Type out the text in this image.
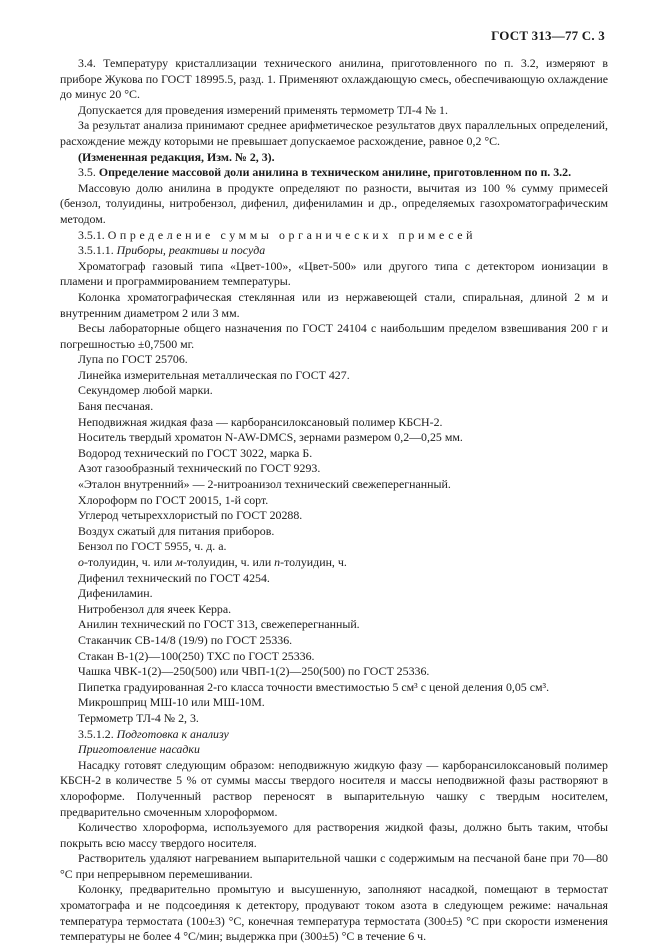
ГОСТ 313—77 С. 3

3.4. Температуру кристаллизации технического анилина, приготовленного по п. 3.2, измеряют в приборе Жукова по ГОСТ 18995.5, разд. 1. Применяют охлаждающую смесь, обеспечивающую охлаждение до минус 20 °С.

Допускается для проведения измерений применять термометр ТЛ-4 № 1.

За результат анализа принимают среднее арифметическое результатов двух параллельных определений, расхождение между которыми не превышает допускаемое расхождение, равное 0,2 °С.

(Измененная редакция, Изм. № 2, 3).

3.5. Определение массовой доли анилина в техническом анилине, приготовленном по п. 3.2.

Массовую долю анилина в продукте определяют по разности, вычитая из 100 % сумму примесей (бензол, толуидины, нитробензол, дифенил, дифениламин и др., определяемых газохроматографическим методом.

3.5.1. Определение суммы органических примесей

3.5.1.1. Приборы, реактивы и посуда

Хроматограф газовый типа «Цвет-100», «Цвет-500» или другого типа с детектором ионизации в пламени и программированием температуры.

Колонка хроматографическая стеклянная или из нержавеющей стали, спиральная, длиной 2 м и внутренним диаметром 2 или 3 мм.

Весы лабораторные общего назначения по ГОСТ 24104 с наибольшим пределом взвешивания 200 г и погрешностью ±0,7500 мг.

Лупа по ГОСТ 25706.

Линейка измерительная металлическая по ГОСТ 427.

Секундомер любой марки.

Баня песчаная.

Неподвижная жидкая фаза — карборансилоксановый полимер КБСН-2.

Носитель твердый хроматон N-AW-DMCS, зернами размером 0,2—0,25 мм.

Водород технический по ГОСТ 3022, марка Б.

Азот газообразный технический по ГОСТ 9293.

«Эталон внутренний» — 2-нитроанизол технический свежеперегнанный.

Хлороформ по ГОСТ 20015, 1-й сорт.

Углерод четыреххлористый по ГОСТ 20288.

Воздух сжатый для питания приборов.

Бензол по ГОСТ 5955, ч. д. а.

о-толуидин, ч. или м-толуидин, ч. или n-толуидин, ч.

Дифенил технический по ГОСТ 4254.

Дифениламин.

Нитробензол для ячеек Керра.

Анилин технический по ГОСТ 313, свежеперегнанный.

Стаканчик СВ-14/8 (19/9) по ГОСТ 25336.

Стакан В-1(2)—100(250) ТХС по ГОСТ 25336.

Чашка ЧВК-1(2)—250(500) или ЧВП-1(2)—250(500) по ГОСТ 25336.

Пипетка градуированная 2-го класса точности вместимостью 5 см³ с ценой деления 0,05 см³.

Микрошприц МШ-10 или МШ-10М.

Термометр ТЛ-4 № 2, 3.

3.5.1.2. Подготовка к анализу

Приготовление насадки

Насадку готовят следующим образом: неподвижную жидкую фазу — карборансилоксановый полимер КБСН-2 в количестве 5 % от суммы массы твердого носителя и массы неподвижной фазы растворяют в хлороформе. Полученный раствор переносят в выпарительную чашку с твердым носителем, предварительно смоченным хлороформом.

Количество хлороформа, используемого для растворения жидкой фазы, должно быть таким, чтобы покрыть всю массу твердого носителя.

Растворитель удаляют нагреванием выпарительной чашки с содержимым на песчаной бане при 70—80 °С при непрерывном перемешивании.

Колонку, предварительно промытую и высушенную, заполняют насадкой, помещают в термостат хроматографа и не подсоединяя к детектору, продувают током азота в следующем режиме: начальная температура термостата (100±3) °С, конечная температура термостата (300±5) °С при скорости изменения температуры не более 4 °С/мин; выдержка при (300±5) °С в течение 6 ч.
